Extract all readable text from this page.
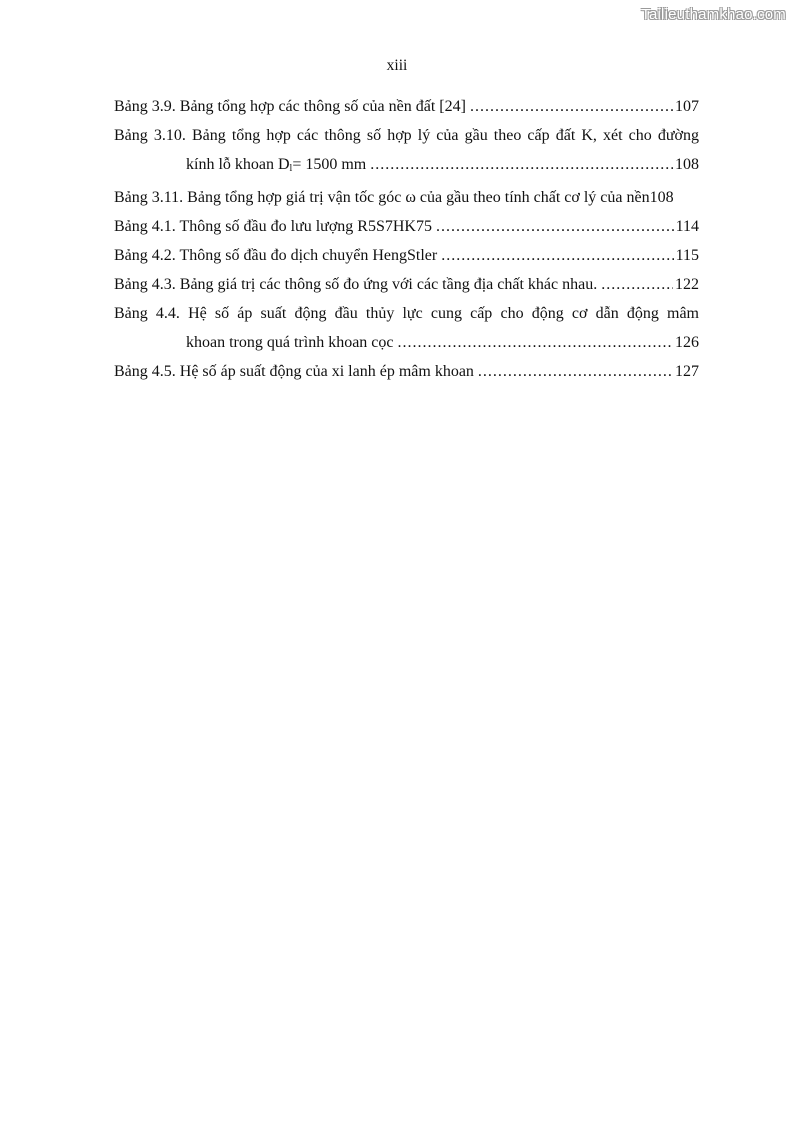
Tailieuthamkhao.com
xiii
Bảng 3.9. Bảng tổng hợp các thông số của nền đất [24] .....	107
Bảng 3.10. Bảng tổng hợp các thông số hợp lý của gầu theo cấp đất K, xét cho đường
kính lỗ khoan $D_l= 1500$ mm .....	108
Bảng 3.11. Bảng tổng hợp giá trị vận tốc góc ω của gầu theo tính chất cơ lý của nền 108
Bảng 4.1. Thông số đầu đo lưu lượng R5S7HK75 .....	114
Bảng 4.2. Thông số đầu đo dịch chuyển HengStler .....	115
Bảng 4.3. Bảng giá trị các thông số đo ứng với các tầng địa chất khác nhau. .....	122
Bảng 4.4. Hệ số áp suất động đầu thủy lực cung cấp cho động cơ dẫn động mâm
khoan trong quá trình khoan cọc .....	126
Bảng 4.5. Hệ số áp suất động của xi lanh ép mâm khoan .....	127
